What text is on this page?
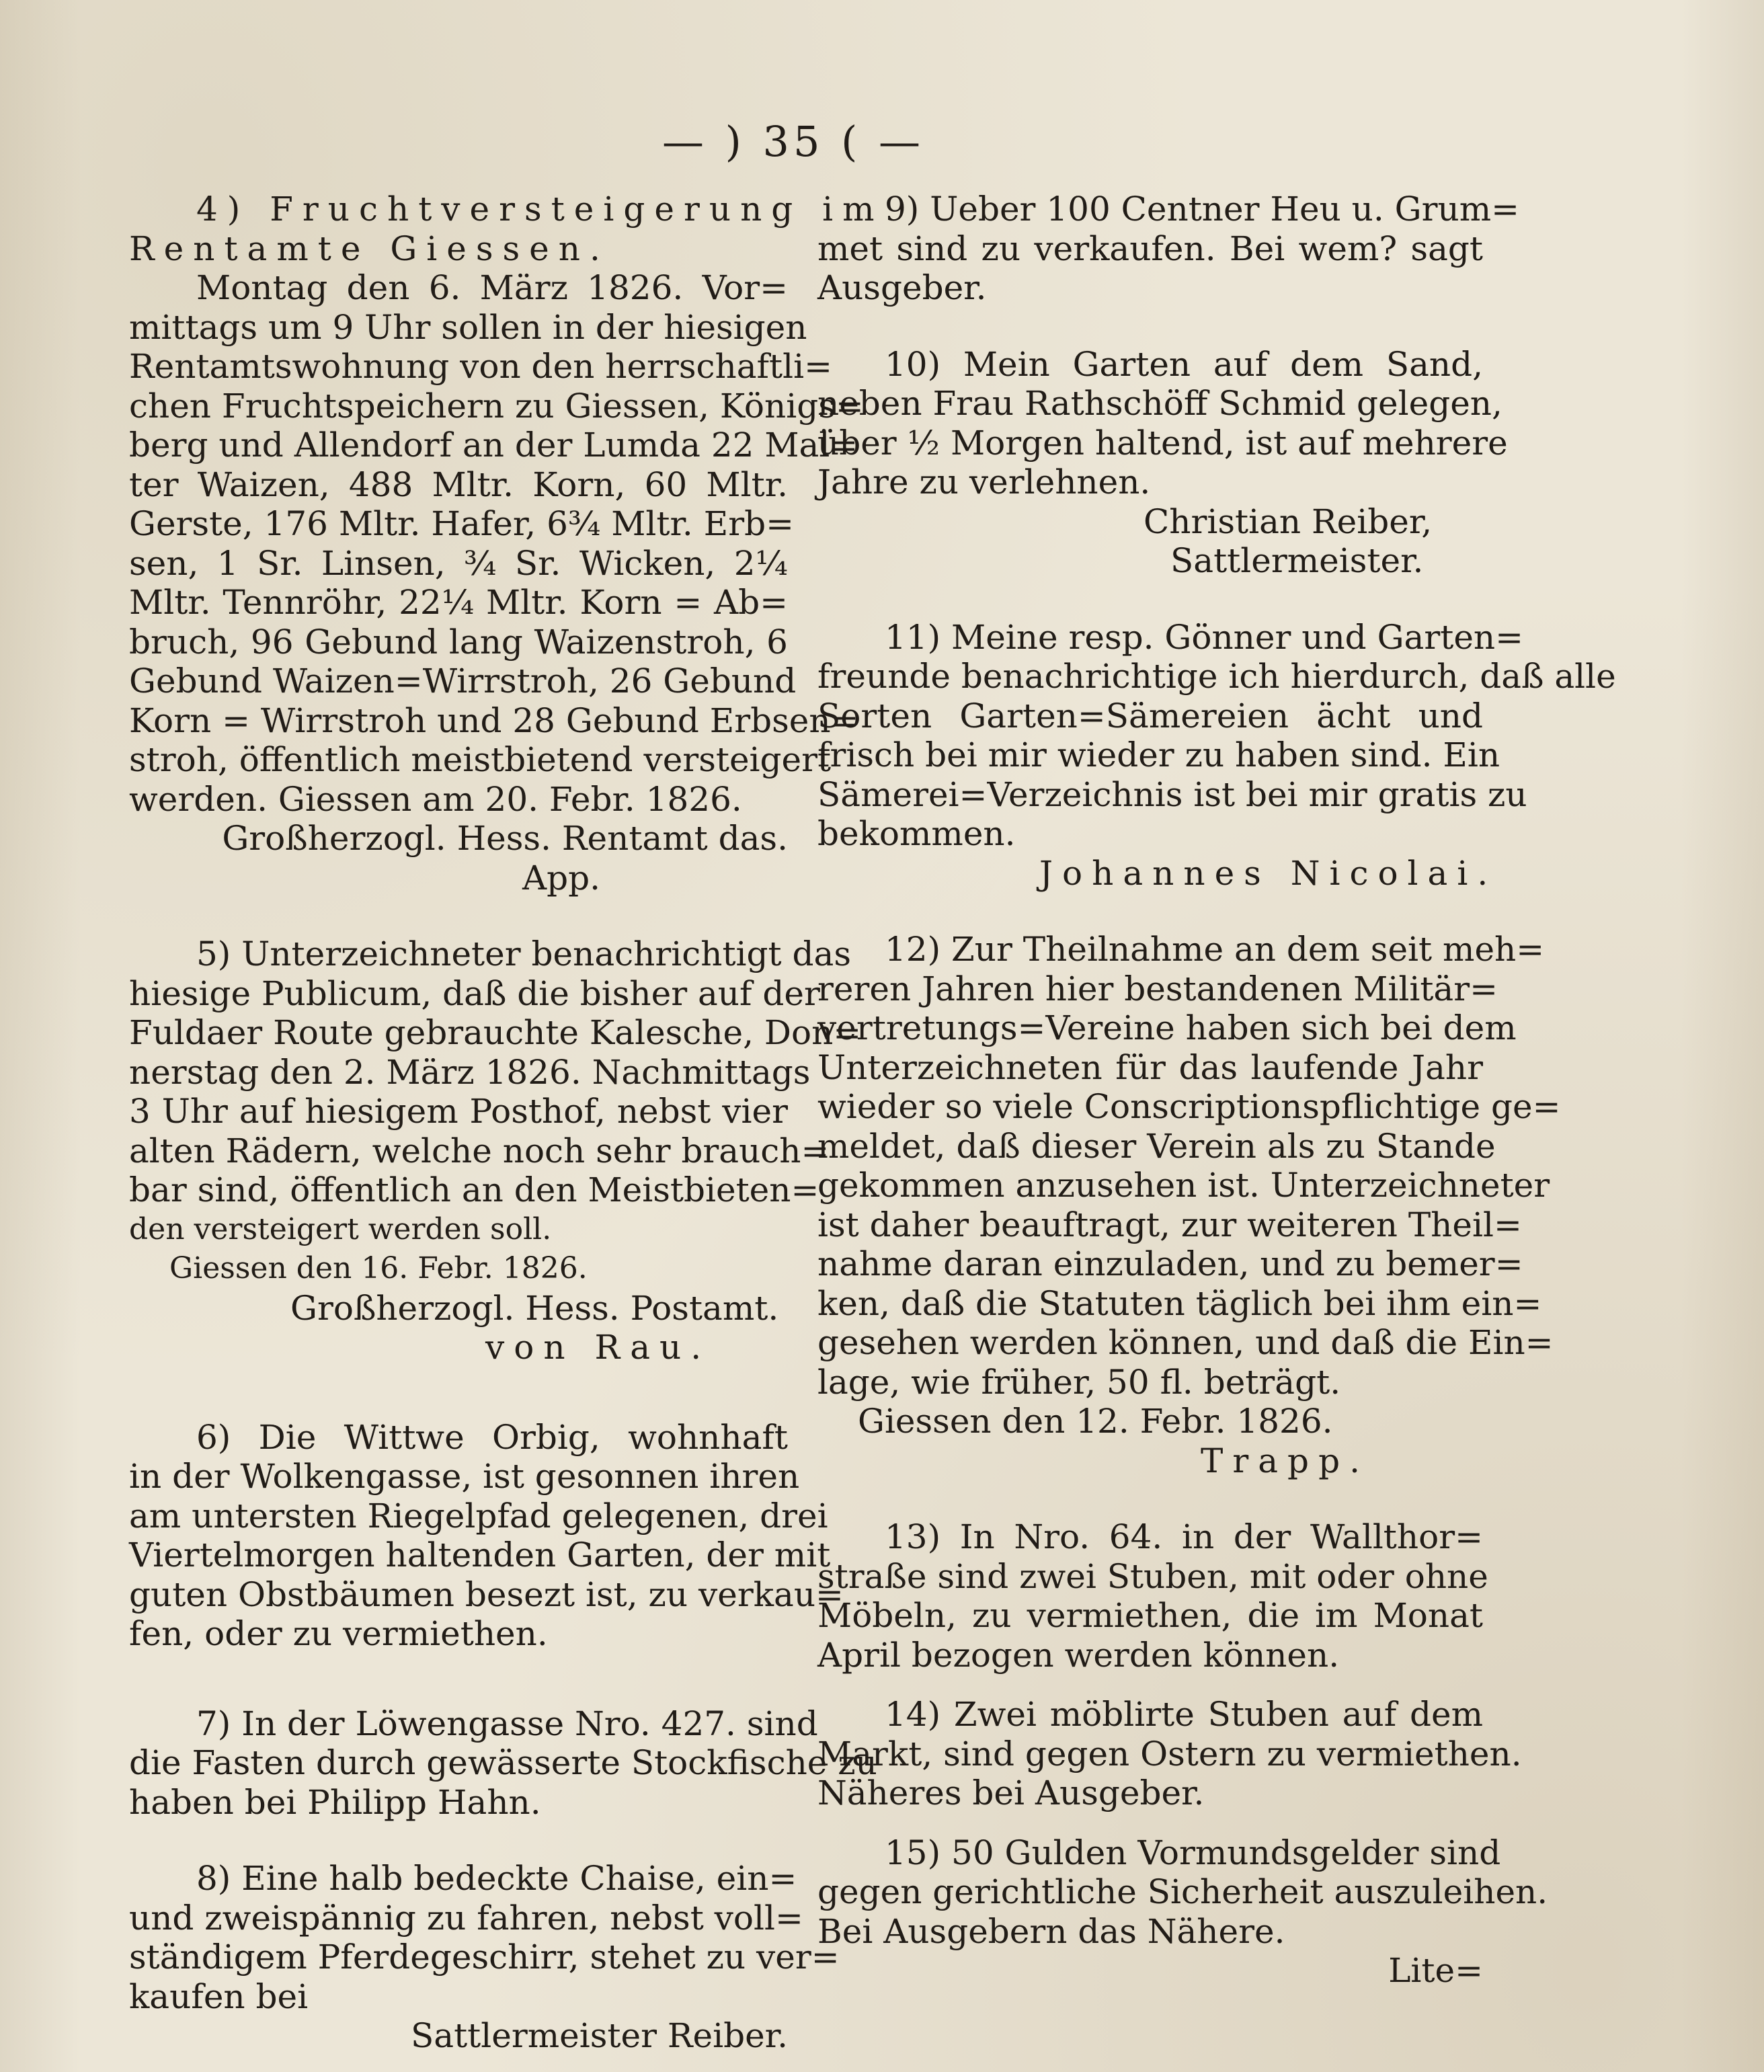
— ) 35 ( —
4) Fruchtversteigerung im
Rentamte Giessen.
Montag den 6. März 1826. Vor=
mittags um 9 Uhr sollen in der hiesigen
Rentamtswohnung von den herrschaftli=
chen Fruchtspeichern zu Giessen, Königs=
berg und Allendorf an der Lumda 22 Mal=
ter Waizen, 488 Mltr. Korn, 60 Mltr.
Gerste, 176 Mltr. Hafer, 6¾ Mltr. Erb=
sen, 1 Sr. Linsen, ¾ Sr. Wicken, 2¼
Mltr. Tennröhr, 22¼ Mltr. Korn = Ab=
bruch, 96 Gebund lang Waizenstroh, 6
Gebund Waizen=Wirrstroh, 26 Gebund
Korn = Wirrstroh und 28 Gebund Erbsen=
stroh, öffentlich meistbietend versteigert
werden. Giessen am 20. Febr. 1826.
Großherzogl. Hess. Rentamt das.
App.
5) Unterzeichneter benachrichtigt das
hiesige Publicum, daß die bisher auf der
Fuldaer Route gebrauchte Kalesche, Don=
nerstag den 2. März 1826. Nachmittags
3 Uhr auf hiesigem Posthof, nebst vier
alten Rädern, welche noch sehr brauch=
bar sind, öffentlich an den Meistbieten=
den versteigert werden soll.
Giessen den 16. Febr. 1826.
Großherzogl. Hess. Postamt.
von Rau.
6) Die Wittwe Orbig, wohnhaft
in der Wolkengasse, ist gesonnen ihren
am untersten Riegelpfad gelegenen, drei
Viertelmorgen haltenden Garten, der mit
guten Obstbäumen besezt ist, zu verkau=
fen, oder zu vermiethen.
7) In der Löwengasse Nro. 427. sind
die Fasten durch gewässerte Stockfische zu
haben bei Philipp Hahn.
8) Eine halb bedeckte Chaise, ein=
und zweispännig zu fahren, nebst voll=
ständigem Pferdegeschirr, stehet zu ver=
kaufen bei
Sattlermeister Reiber.
9) Ueber 100 Centner Heu u. Grum=
met sind zu verkaufen. Bei wem? sagt
Ausgeber.
10) Mein Garten auf dem Sand,
neben Frau Rathschöff Schmid gelegen,
über ½ Morgen haltend, ist auf mehrere
Jahre zu verlehnen.
Christian Reiber,
Sattlermeister.
11) Meine resp. Gönner und Garten=
freunde benachrichtige ich hierdurch, daß alle
Sorten Garten=Sämereien ächt und
frisch bei mir wieder zu haben sind. Ein
Sämerei=Verzeichnis ist bei mir gratis zu
bekommen.
Johannes Nicolai.
12) Zur Theilnahme an dem seit meh=
reren Jahren hier bestandenen Militär=
vertretungs=Vereine haben sich bei dem
Unterzeichneten für das laufende Jahr
wieder so viele Conscriptionspflichtige ge=
meldet, daß dieser Verein als zu Stande
gekommen anzusehen ist. Unterzeichneter
ist daher beauftragt, zur weiteren Theil=
nahme daran einzuladen, und zu bemer=
ken, daß die Statuten täglich bei ihm ein=
gesehen werden können, und daß die Ein=
lage, wie früher, 50 fl. beträgt.
Giessen den 12. Febr. 1826.
Trapp.
13) In Nro. 64. in der Wallthor=
straße sind zwei Stuben, mit oder ohne
Möbeln, zu vermiethen, die im Monat
April bezogen werden können.
14) Zwei möblirte Stuben auf dem
Markt, sind gegen Ostern zu vermiethen.
Näheres bei Ausgeber.
15) 50 Gulden Vormundsgelder sind
gegen gerichtliche Sicherheit auszuleihen.
Bei Ausgebern das Nähere.
Lite=
